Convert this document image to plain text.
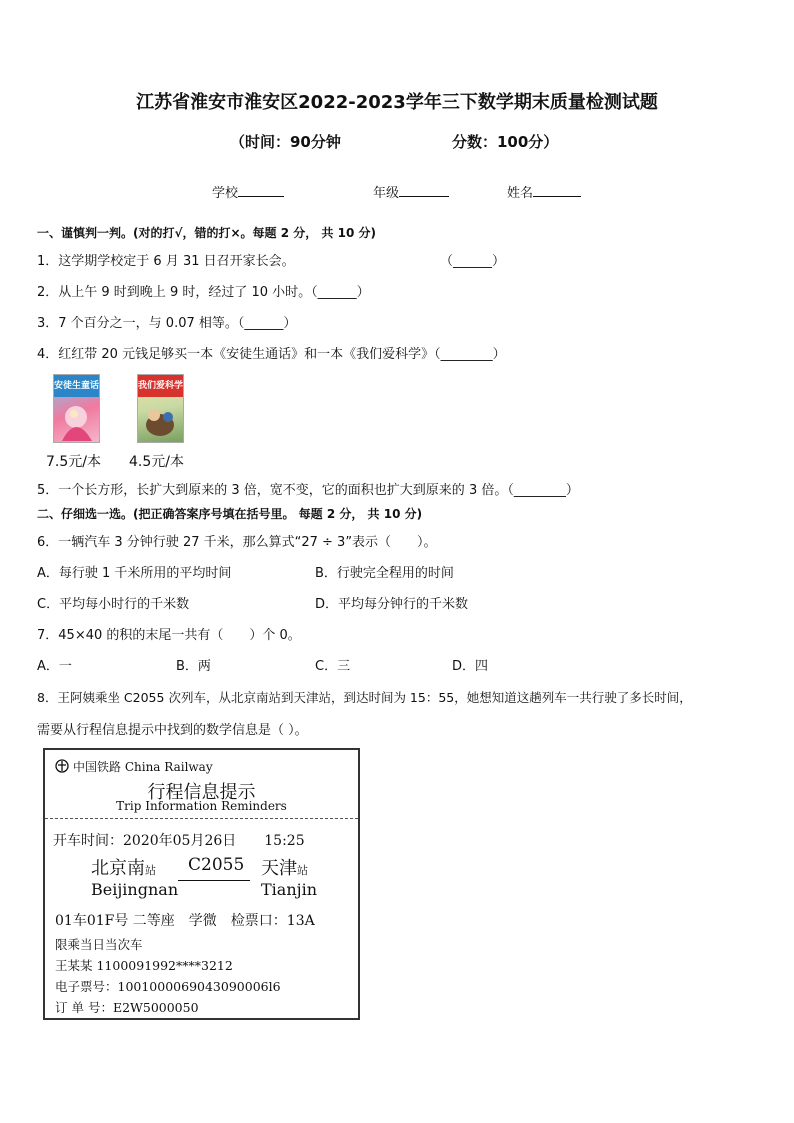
江苏省淮安市淮安区2022-2023学年三下数学期末质量检测试题
（时间：90分钟	分数：100分）
学校	年级	姓名
一、谨慎判一判。(对的打√，错的打×。每题 2 分， 共 10 分)
1．这学期学校定于 6 月 31 日召开家长会。	（______）
2．从上午 9 时到晚上 9 时，经过了 10 小时。（______）
3．7 个百分之一，与 0.07 相等。（______）
4．红红带 20 元钱足够买一本《安徒生通话》和一本《我们爱科学》（________）
安徒生童话	我们爱科学
7.5元/本 4.5元/本
5．一个长方形，长扩大到原来的 3 倍，宽不变，它的面积也扩大到原来的 3 倍。（________）
二、仔细选一选。(把正确答案序号填在括号里。 每题 2 分， 共 10 分)
6．一辆汽车 3 分钟行驶 27 千米，那么算式“27 ÷ 3”表示（　　）。
A．每行驶 1 千米所用的平均时间	B．行驶完全程用的时间
C．平均每小时行的千米数	D．平均每分钟行的千米数
7．45×40 的积的末尾一共有（　　）个 0。
A．一	B．两	C．三	D．四
8．王阿姨乘坐 C2055 次列车，从北京南站到天津站，到达时间为 15：55，她想知道这趟列车一共行驶了多长时间，
需要从行程信息提示中找到的数学信息是（ ）。
中国铁路 China Railway
行程信息提示
Trip Information Reminders
开车时间：2020年05月26日　　15:25
北京南站
Beijingnan
C2055 天津站
Tianjin
01车01F号 二等座　学微　检票口：13A
限乘当日当次车
王某某 1100091992****3212
电子票号：1001000069043090006l6
订 单 号：E2W5000050
